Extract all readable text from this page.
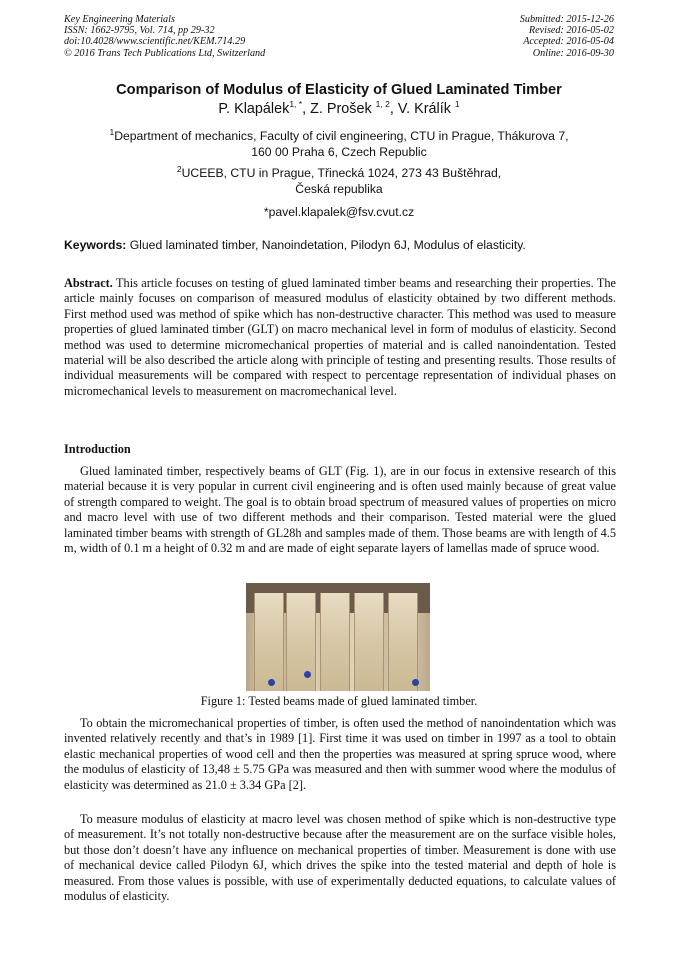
Key Engineering Materials
ISSN: 1662-9795, Vol. 714, pp 29-32
doi:10.4028/www.scientific.net/KEM.714.29
© 2016 Trans Tech Publications Ltd, Switzerland
Submitted: 2015-12-26
Revised: 2016-05-02
Accepted: 2016-05-04
Online: 2016-09-30
Comparison of Modulus of Elasticity of Glued Laminated Timber
P. Klapálek$^{1, *}$, Z. Prošek $^{1, 2}$, V. Králík $^1$
$^1$Department of mechanics, Faculty of civil engineering, CTU in Prague, Thákurova 7,
160 00 Praha 6, Czech Republic
$^2$UCEEB, CTU in Prague, Třinecká 1024, 273 43 Buštěhrad,
Česká republika
*pavel.klapalek@fsv.cvut.cz
Keywords: Glued laminated timber, Nanoindetation, Pilodyn 6J, Modulus of elasticity.

Abstract. This article focuses on testing of glued laminated timber beams and researching their properties. The article mainly focuses on comparison of measured modulus of elasticity obtained by two different methods. First method used was method of spike which has non-destructive character. This method was used to measure properties of glued laminated timber (GLT) on macro mechanical level in form of modulus of elasticity. Second method was used to determine micromechanical properties of material and is called nanoindentation. Tested material will be also described the article along with principle of testing and presenting results. Those results of individual measurements will be compared with respect to percentage representation of individual phases on micromechanical levels to measurement on macromechanical level.

Introduction

Glued laminated timber, respectively beams of GLT (Fig. 1), are in our focus in extensive research of this material because it is very popular in current civil engineering and is often used mainly because of great value of strength compared to weight. The goal is to obtain broad spectrum of measured values of properties on micro and macro level with use of two different methods and their comparison. Tested material were the glued laminated timber beams with strength of GL28h and samples made of them. Those beams are with length of 4.5 m, width of 0.1 m a height of 0.32 m and are made of eight separate layers of lamellas made of spruce wood.

Figure 1: Tested beams made of glued laminated timber.

To obtain the micromechanical properties of timber, is often used the method of nanoindentation which was invented relatively recently and that’s in 1989 [1]. First time it was used on timber in 1997 as a tool to obtain elastic mechanical properties of wood cell and then the properties was measured at spring spruce wood, where the modulus of elasticity of 13,48 ± 5.75 GPa was measured and then with summer wood where the modulus of elasticity was determined as 21.0 ± 3.34 GPa [2].

To measure modulus of elasticity at macro level was chosen method of spike which is non-destructive type of measurement. It’s not totally non-destructive because after the measurement are on the surface visible holes, but those don’t doesn’t have any influence on mechanical properties of timber. Measurement is done with use of mechanical device called Pilodyn 6J, which drives the spike into the tested material and depth of hole is measured. From those values is possible, with use of experimentally deducted equations, to calculate values of modulus of elasticity.
